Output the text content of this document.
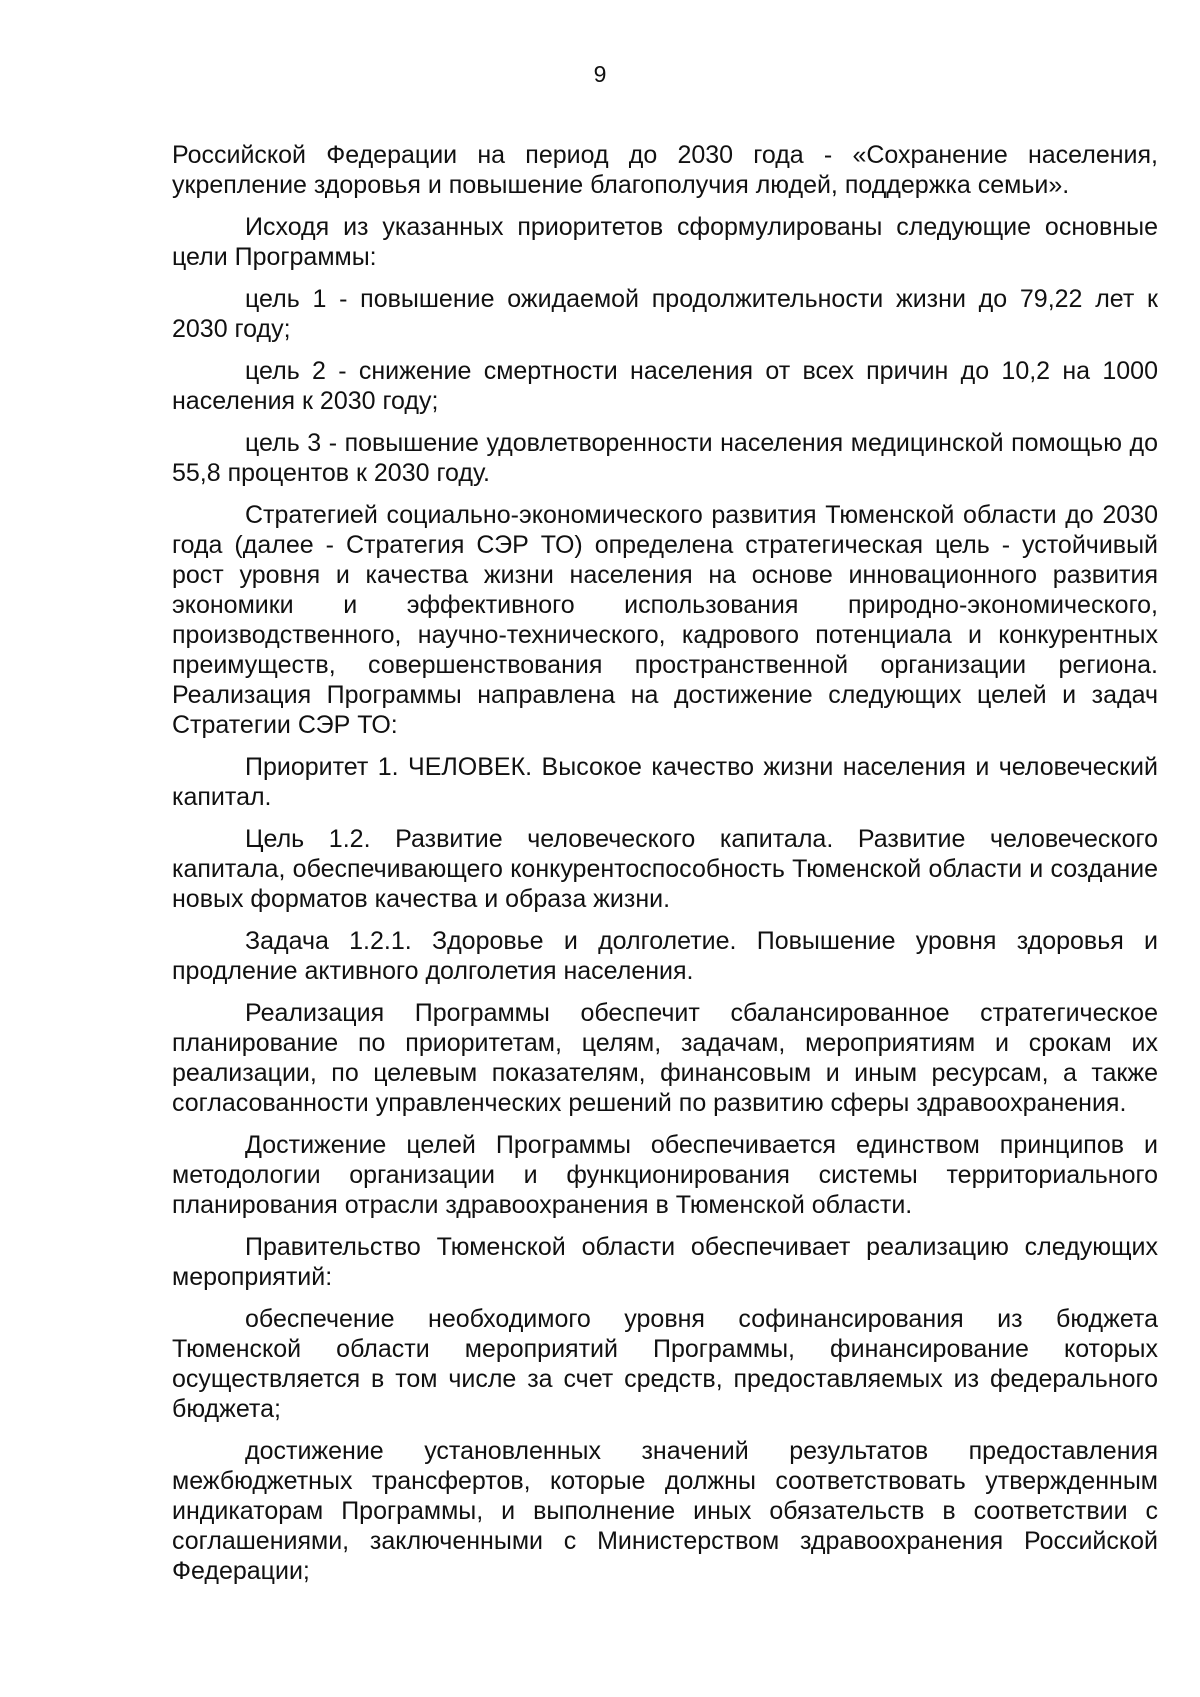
9

Российской Федерации на период до 2030 года - «Сохранение населения, укрепление здоровья и повышение благополучия людей, поддержка семьи».

Исходя из указанных приоритетов сформулированы следующие основные цели Программы:

цель 1 - повышение ожидаемой продолжительности жизни до 79,22 лет к 2030 году;

цель 2 - снижение смертности населения от всех причин до 10,2 на 1000 населения к 2030 году;

цель 3 - повышение удовлетворенности населения медицинской помощью до 55,8 процентов к 2030 году.

Стратегией социально-экономического развития Тюменской области до 2030 года (далее - Стратегия СЭР ТО) определена стратегическая цель - устойчивый рост уровня и качества жизни населения на основе инновационного развития экономики и эффективного использования природно-экономического, производственного, научно-технического, кадрового потенциала и конкурентных преимуществ, совершенствования пространственной организации региона. Реализация Программы направлена на достижение следующих целей и задач Стратегии СЭР ТО:

Приоритет 1. ЧЕЛОВЕК. Высокое качество жизни населения и человеческий капитал.

Цель 1.2. Развитие человеческого капитала. Развитие человеческого капитала, обеспечивающего конкурентоспособность Тюменской области и создание новых форматов качества и образа жизни.

Задача 1.2.1. Здоровье и долголетие. Повышение уровня здоровья и продление активного долголетия населения.

Реализация Программы обеспечит сбалансированное стратегическое планирование по приоритетам, целям, задачам, мероприятиям и срокам их реализации, по целевым показателям, финансовым и иным ресурсам, а также согласованности управленческих решений по развитию сферы здравоохранения.

Достижение целей Программы обеспечивается единством принципов и методологии организации и функционирования системы территориального планирования отрасли здравоохранения в Тюменской области.

Правительство Тюменской области обеспечивает реализацию следующих мероприятий:

обеспечение необходимого уровня софинансирования из бюджета Тюменской области мероприятий Программы, финансирование которых осуществляется в том числе за счет средств, предоставляемых из федерального бюджета;

достижение установленных значений результатов предоставления межбюджетных трансфертов, которые должны соответствовать утвержденным индикаторам Программы, и выполнение иных обязательств в соответствии с соглашениями, заключенными с Министерством здравоохранения Российской Федерации;
